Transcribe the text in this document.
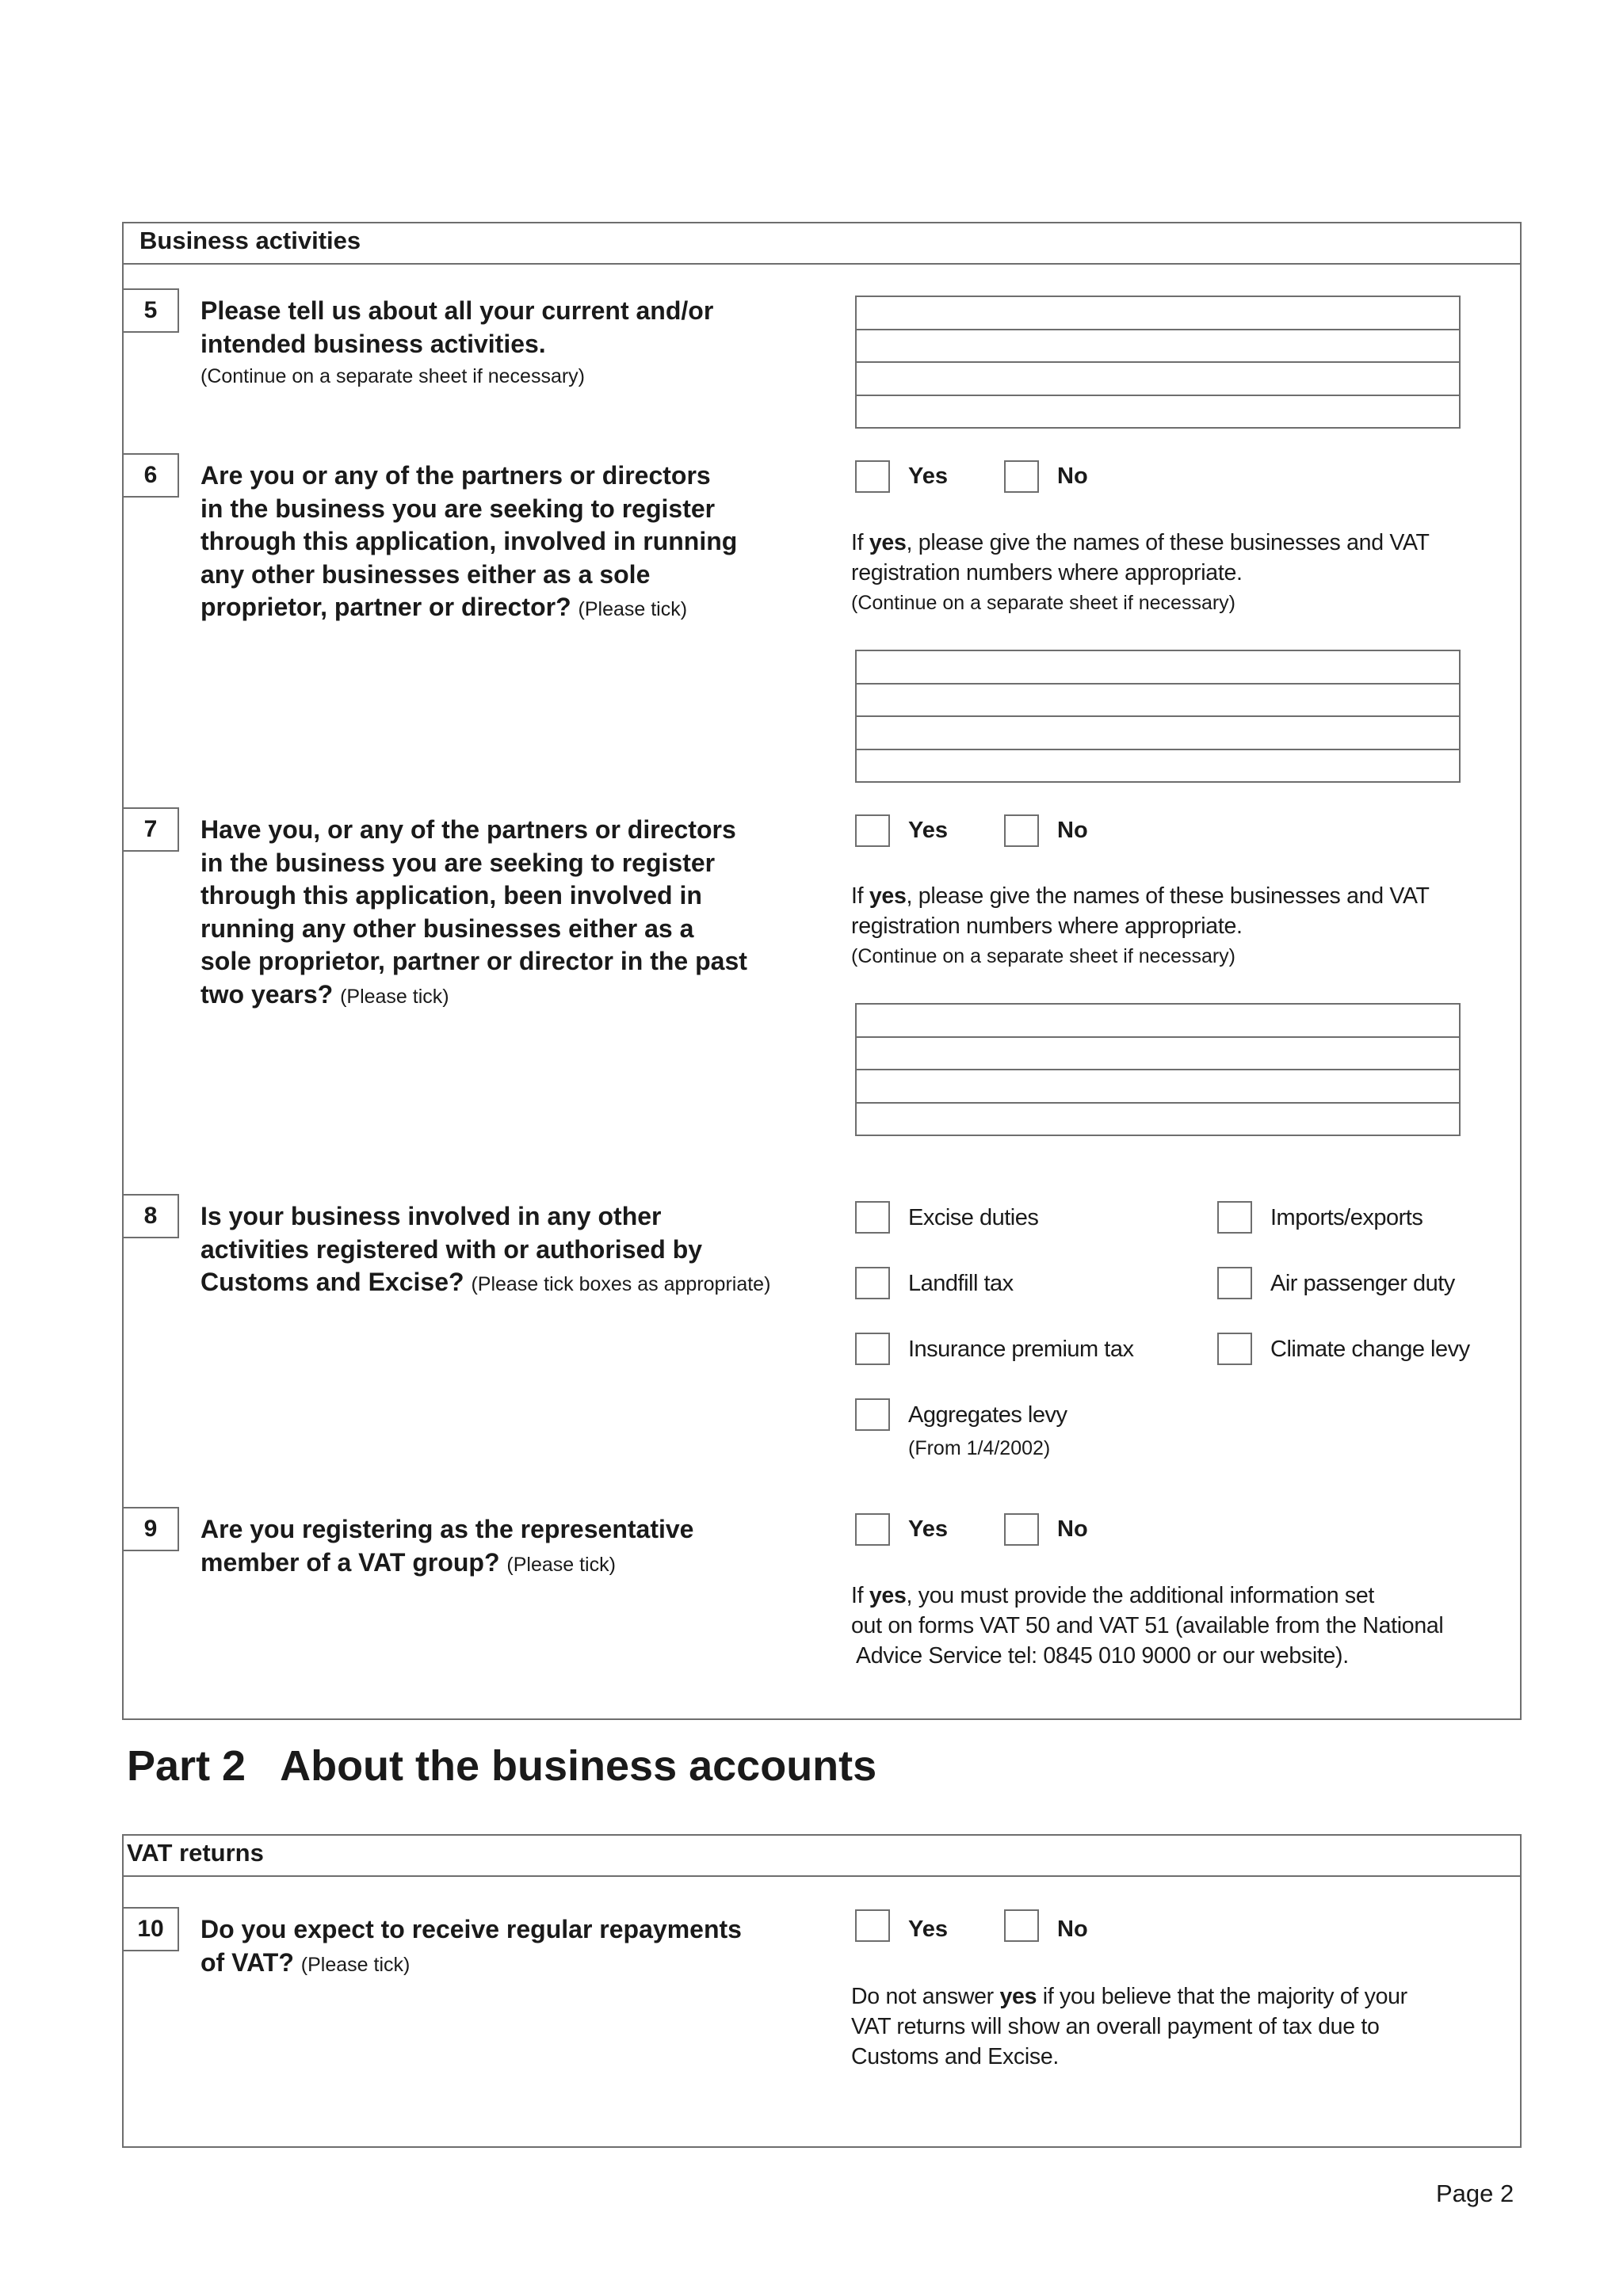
Business activities
5 Please tell us about all your current and/or
intended business activities.
(Continue on a separate sheet if necessary)
6 Are you or any of the partners or directors
in the business you are seeking to register
through this application, involved in running
any other businesses either as a sole
proprietor, partner or director? (Please tick)
Yes	No
If yes, please give the names of these businesses and VAT
registration numbers where appropriate.
(Continue on a separate sheet if necessary)
7 Have you, or any of the partners or directors
in the business you are seeking to register
through this application, been involved in
running any other businesses either as a
sole proprietor, partner or director in the past
two years? (Please tick)
Yes	No
If yes, please give the names of these businesses and VAT
registration numbers where appropriate.
(Continue on a separate sheet if necessary)
8 Is your business involved in any other
activities registered with or authorised by
Customs and Excise? (Please tick boxes as appropriate)
Excise duties	Imports/exports
Landfill tax	Air passenger duty
Insurance premium tax	Climate change levy
Aggregates levy
(From 1/4/2002)
9 Are you registering as the representative
member of a VAT group? (Please tick)
Yes	No
If yes, you must provide the additional information set
out on forms VAT 50 and VAT 51 (available from the National
Advice Service tel: 0845 010 9000 or our website).
Part 2   About the business accounts
VAT returns
10 Do you expect to receive regular repayments
of VAT? (Please tick)
Yes	No
Do not answer yes if you believe that the majority of your
VAT returns will show an overall payment of tax due to
Customs and Excise.
Page 2
